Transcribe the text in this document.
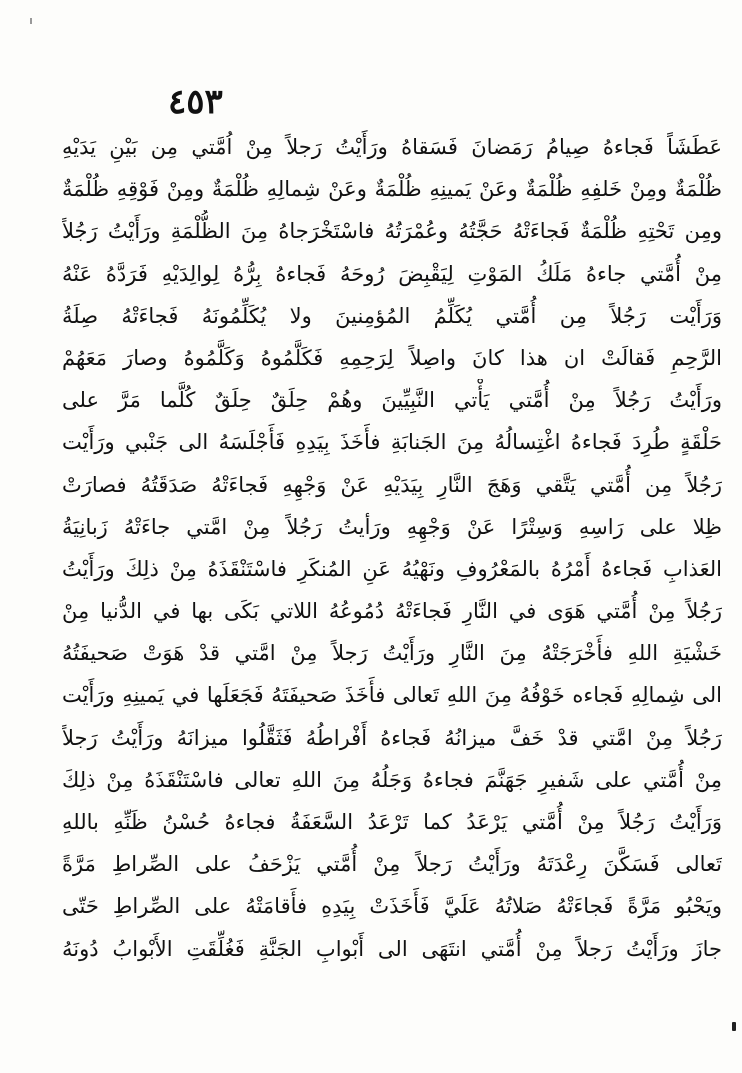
٤٥٣
عَطَشَاً فَجاءهُ صِيامُ رَمَضانَ فَسَقاهُ ورَأَيْتُ رَجلاً مِنْ اُمَّتي مِن بَيْنِ يَدَيْهِ
ظُلْمَةٌ ومِنْ خَلفِهِ ظُلْمَةٌ وعَنْ يَمينِهِ ظُلْمَةٌ وعَنْ شِمالِهِ ظُلْمَةٌ ومِنْ فَوْقِهِ ظُلْمَةٌ
ومِن تَحْتِهِ ظُلْمَةٌ فَجاءَتْهُ حَجَّتُهُ وعُمْرَتُهُ فاسْتَخْرَجاهُ مِنَ الظُّلْمَةِ ورَأَيْتُ رَجُلاً
مِنْ أُمَّتي جاءهُ مَلَكُ المَوْتِ لِيَقْبِضَ رُوحَهُ فَجاءهُ بِرُّهُ لِوالِدَيْهِ فَرَدَّهُ عَنْهُ
وَرَأَيْت رَجُلاً مِن أُمَّتي يُكَلِّمُ المُؤمِنينَ ولا يُكَلِّمُونَهُ فَجاءَتْهُ صِلَةُ
الرَّحِمِ فَقالَتْ ان هذا كانَ واصِلاً لِرَحِمِهِ فَكَلَّمُوهُ وَكَلَّمُوهُ وصارَ مَعَهُمْ
ورَأَيْتُ رَجُلاً مِنْ أُمَّتي يَأْتي النَّبِيِّينَ وهُمْ حِلَقٌ حِلَقٌ كُلَّما مَرَّ على
حَلْقَةٍ طُرِدَ فَجاءهُ اغْتِسالُهُ مِنَ الجَنابَةِ فأَخَذَ بِيَدِهِ فَأَجْلَسَهُ الى جَنْبي ورَأَيْت
رَجُلاً مِن أُمَّتي يَتَّقي وَهَجَ النَّارِ بِيَدَيْهِ عَنْ وَجْهِهِ فَجاءَتْهُ صَدَقَتُهُ فصارَتْ
ظِلا على رَاسِهِ وَسِتْرًا عَنْ وَجْهِهِ ورَأيتُ رَجُلاً مِنْ امَّتي جاءَتْهُ زَبانِيَةُ
العَذابِ فَجاءهُ أَمْرُهُ بالمَعْرُوفِ ونَهْيُهُ عَنِ المُنكَرِ فاسْتَنْقَذَهُ مِنْ ذلِكَ ورَأَيْتُ
رَجُلاً مِنْ أُمَّتي هَوَى في النَّارِ فَجاءَتْهُ دُمُوعُهُ اللاتي بَكَى بها في الدُّنيا مِنْ
خَشْيَةِ اللهِ فأَخْرَجَتْهُ مِنَ النَّارِ ورَأَيْتُ رَجلاً مِنْ امَّتي قدْ هَوَتْ صَحيفَتُهُ
الى شِمالِهِ فَجاءه خَوْفُهُ مِنَ اللهِ تَعالى فأَخَذَ صَحيفَتَهُ فَجَعَلَها في يَمينِهِ ورَأَيْت
رَجُلاً مِنْ امَّتي قدْ خَفَّ ميزانُهُ فَجاءهُ أَفْراطُهُ فَثَقَّلُوا ميزانَهُ ورَأَيْتُ رَجلاً
مِنْ أُمَّتي على شَفيرِ جَهَنَّمَ فجاءهُ وَجَلُهُ مِنَ اللهِ تعالى فاسْتَنْقَذَهُ مِنْ ذلِكَ
وَرَأَيْتُ رَجُلاً مِنْ أُمَّتي يَرْعَدُ كما تَرْعَدُ السَّعَفَةُ فجاءهُ حُسْنُ ظَنِّهِ باللهِ
تَعالى فَسَكَّنَ رِعْدَتَهُ ورَأَيْتُ رَجلاً مِنْ أُمَّتي يَزْحَفُ على الصِّراطِ مَرَّةً
ويَحْبُو مَرَّةً فَجاءَتْهُ صَلاتُهُ عَلَيَّ فَأَخَذَتْ بِيَدِهِ فأَقامَتْهُ على الصِّراطِ حَتّى
جازَ ورَأَيْتُ رَجلاً مِنْ أُمَّتي انتَهَى الى أَبْوابِ الجَنَّةِ فَغُلِّقَتِ الأَبْوابُ دُونَهُ
